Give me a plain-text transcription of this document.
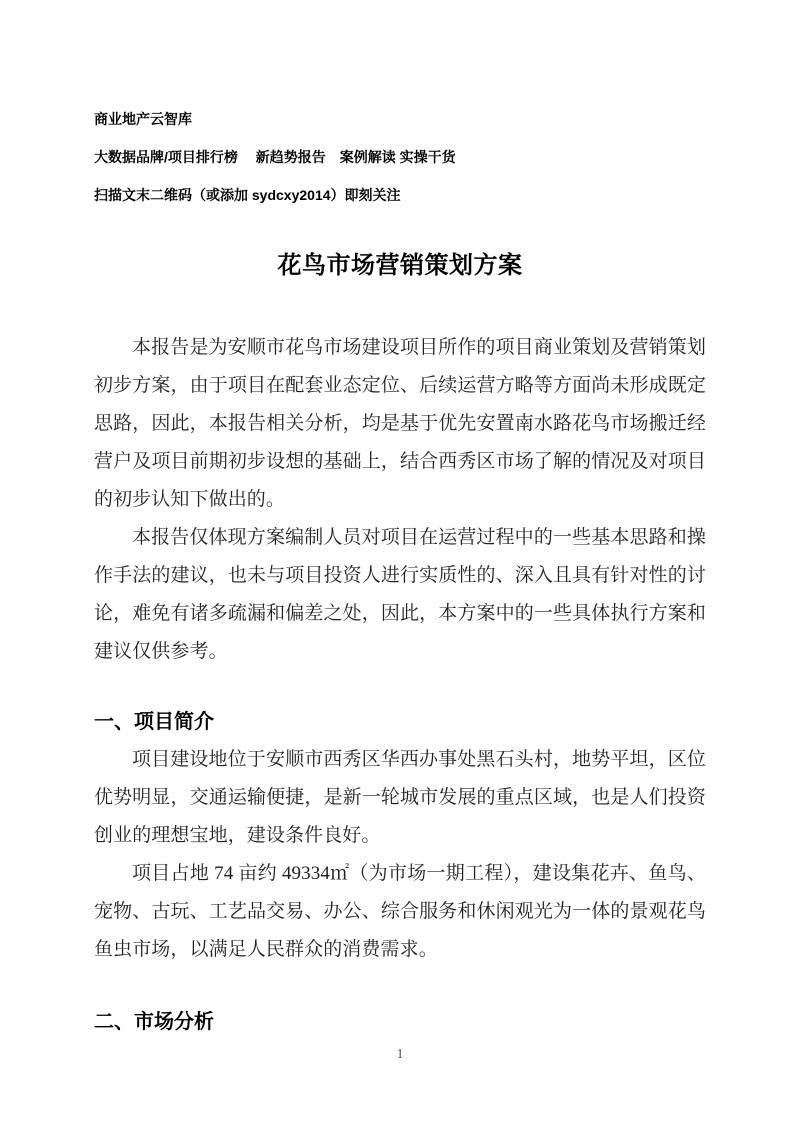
商业地产云智库
大数据品牌/项目排行榜　 新趋势报告　案例解读 实操干货
扫描文末二维码（或添加 sydcxy2014）即刻关注
花鸟市场营销策划方案

本报告是为安顺市花鸟市场建设项目所作的项目商业策划及营销策划初步方案，由于项目在配套业态定位、后续运营方略等方面尚未形成既定思路，因此，本报告相关分析，均是基于优先安置南水路花鸟市场搬迁经营户及项目前期初步设想的基础上，结合西秀区市场了解的情况及对项目的初步认知下做出的。

本报告仅体现方案编制人员对项目在运营过程中的一些基本思路和操作手法的建议，也未与项目投资人进行实质性的、深入且具有针对性的讨论，难免有诸多疏漏和偏差之处，因此，本方案中的一些具体执行方案和建议仅供参考。

一、项目简介

项目建设地位于安顺市西秀区华西办事处黑石头村，地势平坦，区位优势明显，交通运输便捷，是新一轮城市发展的重点区域，也是人们投资创业的理想宝地，建设条件良好。

项目占地 74 亩约 49334㎡（为市场一期工程），建设集花卉、鱼鸟、宠物、古玩、工艺品交易、办公、综合服务和休闲观光为一体的景观花鸟鱼虫市场，以满足人民群众的消费需求。

二、市场分析
1
